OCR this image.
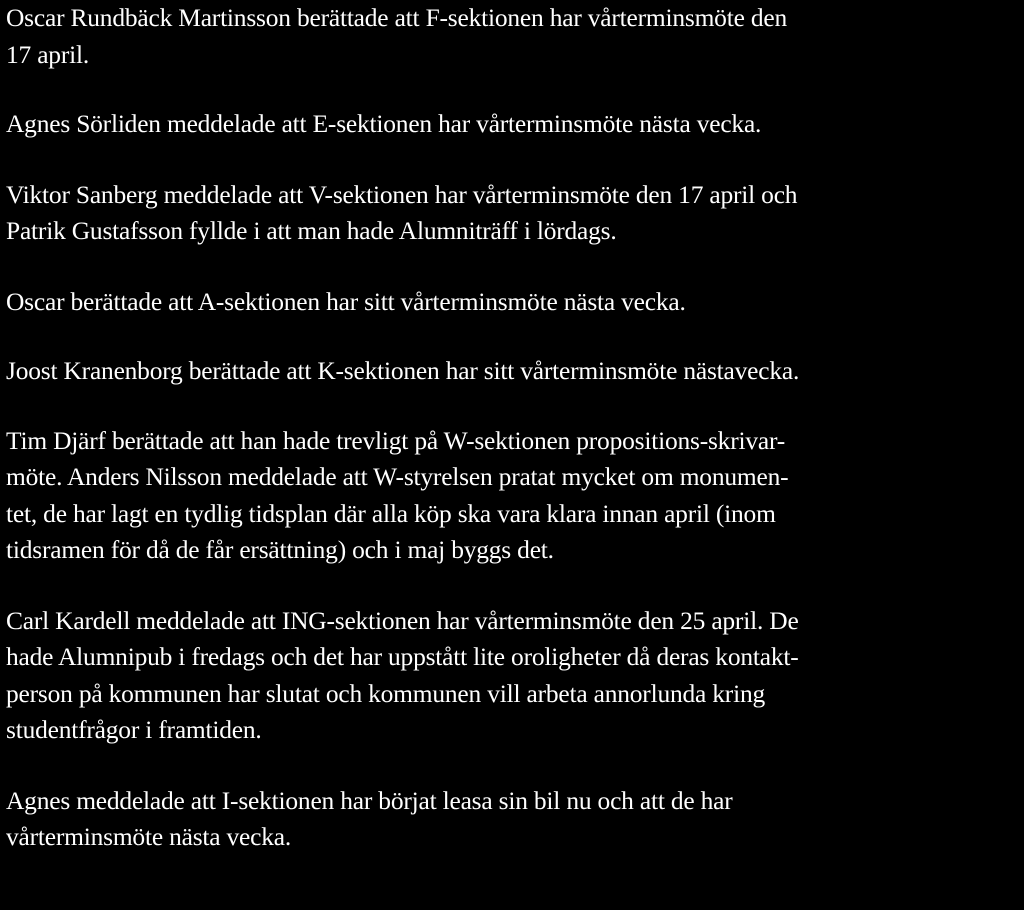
Oscar Rundbäck Martinsson berättade att F-sektionen har vårterminsmöte den
17 april.

Agnes Sörliden meddelade att E-sektionen har vårterminsmöte nästa vecka.

Viktor Sanberg meddelade att V-sektionen har vårterminsmöte den 17 april och
Patrik Gustafsson fyllde i att man hade Alumniträff i lördags.

Oscar berättade att A-sektionen har sitt vårterminsmöte nästa vecka.

Joost Kranenborg berättade att K-sektionen har sitt vårterminsmöte nästavecka.

Tim Djärf berättade att han hade trevligt på W-sektionen propositions-skrivar-
möte. Anders Nilsson meddelade att W-styrelsen pratat mycket om monumen-
tet, de har lagt en tydlig tidsplan där alla köp ska vara klara innan april (inom
tidsramen för då de får ersättning) och i maj byggs det.

Carl Kardell meddelade att ING-sektionen har vårterminsmöte den 25 april. De
hade Alumnipub i fredags och det har uppstått lite oroligheter då deras kontakt-
person på kommunen har slutat och kommunen vill arbeta annorlunda kring
studentfrågor i framtiden.

Agnes meddelade att I-sektionen har börjat leasa sin bil nu och att de har
vårterminsmöte nästa vecka.
